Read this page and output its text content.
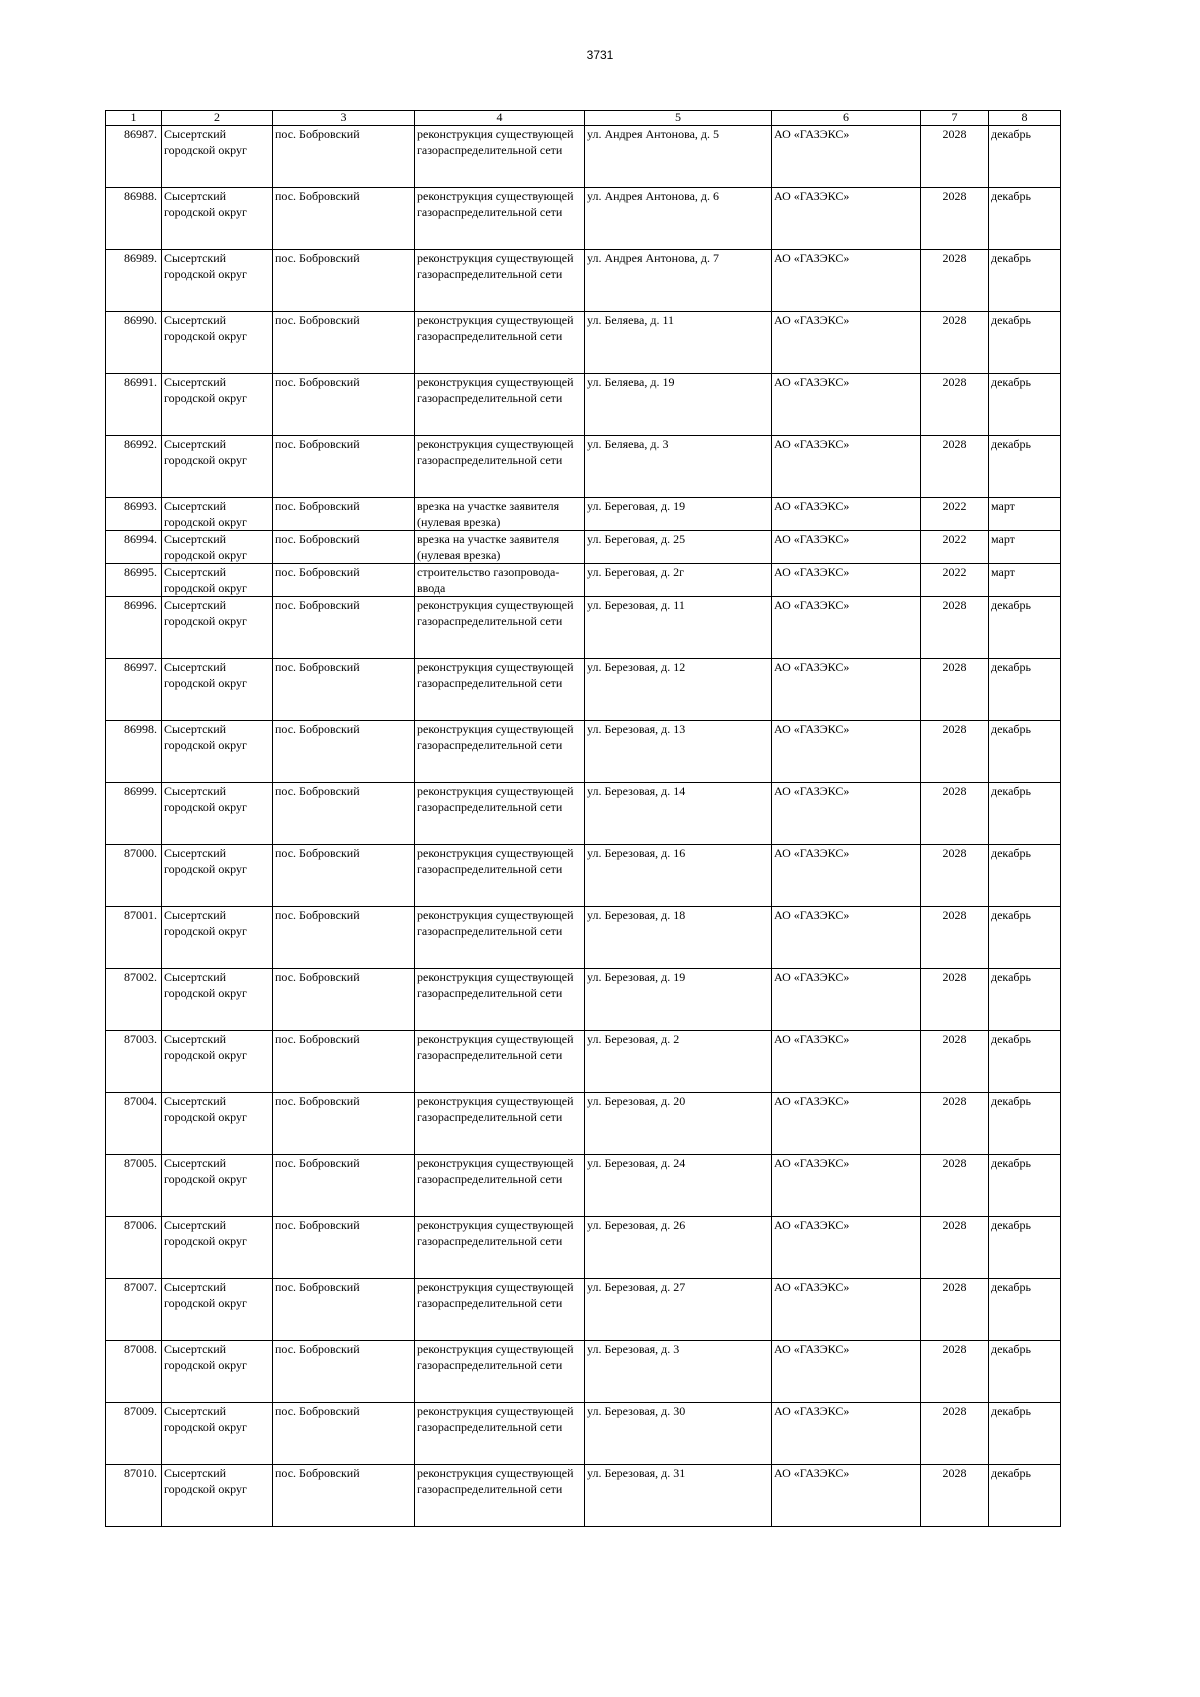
3731
1	2	3	4	5	6	7	8
86987.	Сысертский городской округ	пос. Бобровский	реконструкция существующей газораспределительной сети	ул. Андрея Антонова, д. 5	АО «ГАЗЭКС»	2028	декабрь
86988.	Сысертский городской округ	пос. Бобровский	реконструкция существующей газораспределительной сети	ул. Андрея Антонова, д. 6	АО «ГАЗЭКС»	2028	декабрь
86989.	Сысертский городской округ	пос. Бобровский	реконструкция существующей газораспределительной сети	ул. Андрея Антонова, д. 7	АО «ГАЗЭКС»	2028	декабрь
86990.	Сысертский городской округ	пос. Бобровский	реконструкция существующей газораспределительной сети	ул. Беляева, д. 11	АО «ГАЗЭКС»	2028	декабрь
86991.	Сысертский городской округ	пос. Бобровский	реконструкция существующей газораспределительной сети	ул. Беляева, д. 19	АО «ГАЗЭКС»	2028	декабрь
86992.	Сысертский городской округ	пос. Бобровский	реконструкция существующей газораспределительной сети	ул. Беляева, д. 3	АО «ГАЗЭКС»	2028	декабрь
86993.	Сысертский городской округ	пос. Бобровский	врезка на участке заявителя (нулевая врезка)	ул. Береговая, д. 19	АО «ГАЗЭКС»	2022	март
86994.	Сысертский городской округ	пос. Бобровский	врезка на участке заявителя (нулевая врезка)	ул. Береговая, д. 25	АО «ГАЗЭКС»	2022	март
86995.	Сысертский городской округ	пос. Бобровский	строительство газопровода-ввода	ул. Береговая, д. 2г	АО «ГАЗЭКС»	2022	март
86996.	Сысертский городской округ	пос. Бобровский	реконструкция существующей газораспределительной сети	ул. Березовая, д. 11	АО «ГАЗЭКС»	2028	декабрь
86997.	Сысертский городской округ	пос. Бобровский	реконструкция существующей газораспределительной сети	ул. Березовая, д. 12	АО «ГАЗЭКС»	2028	декабрь
86998.	Сысертский городской округ	пос. Бобровский	реконструкция существующей газораспределительной сети	ул. Березовая, д. 13	АО «ГАЗЭКС»	2028	декабрь
86999.	Сысертский городской округ	пос. Бобровский	реконструкция существующей газораспределительной сети	ул. Березовая, д. 14	АО «ГАЗЭКС»	2028	декабрь
87000.	Сысертский городской округ	пос. Бобровский	реконструкция существующей газораспределительной сети	ул. Березовая, д. 16	АО «ГАЗЭКС»	2028	декабрь
87001.	Сысертский городской округ	пос. Бобровский	реконструкция существующей газораспределительной сети	ул. Березовая, д. 18	АО «ГАЗЭКС»	2028	декабрь
87002.	Сысертский городской округ	пос. Бобровский	реконструкция существующей газораспределительной сети	ул. Березовая, д. 19	АО «ГАЗЭКС»	2028	декабрь
87003.	Сысертский городской округ	пос. Бобровский	реконструкция существующей газораспределительной сети	ул. Березовая, д. 2	АО «ГАЗЭКС»	2028	декабрь
87004.	Сысертский городской округ	пос. Бобровский	реконструкция существующей газораспределительной сети	ул. Березовая, д. 20	АО «ГАЗЭКС»	2028	декабрь
87005.	Сысертский городской округ	пос. Бобровский	реконструкция существующей газораспределительной сети	ул. Березовая, д. 24	АО «ГАЗЭКС»	2028	декабрь
87006.	Сысертский городской округ	пос. Бобровский	реконструкция существующей газораспределительной сети	ул. Березовая, д. 26	АО «ГАЗЭКС»	2028	декабрь
87007.	Сысертский городской округ	пос. Бобровский	реконструкция существующей газораспределительной сети	ул. Березовая, д. 27	АО «ГАЗЭКС»	2028	декабрь
87008.	Сысертский городской округ	пос. Бобровский	реконструкция существующей газораспределительной сети	ул. Березовая, д. 3	АО «ГАЗЭКС»	2028	декабрь
87009.	Сысертский городской округ	пос. Бобровский	реконструкция существующей газораспределительной сети	ул. Березовая, д. 30	АО «ГАЗЭКС»	2028	декабрь
87010.	Сысертский городской округ	пос. Бобровский	реконструкция существующей газораспределительной сети	ул. Березовая, д. 31	АО «ГАЗЭКС»	2028	декабрь
